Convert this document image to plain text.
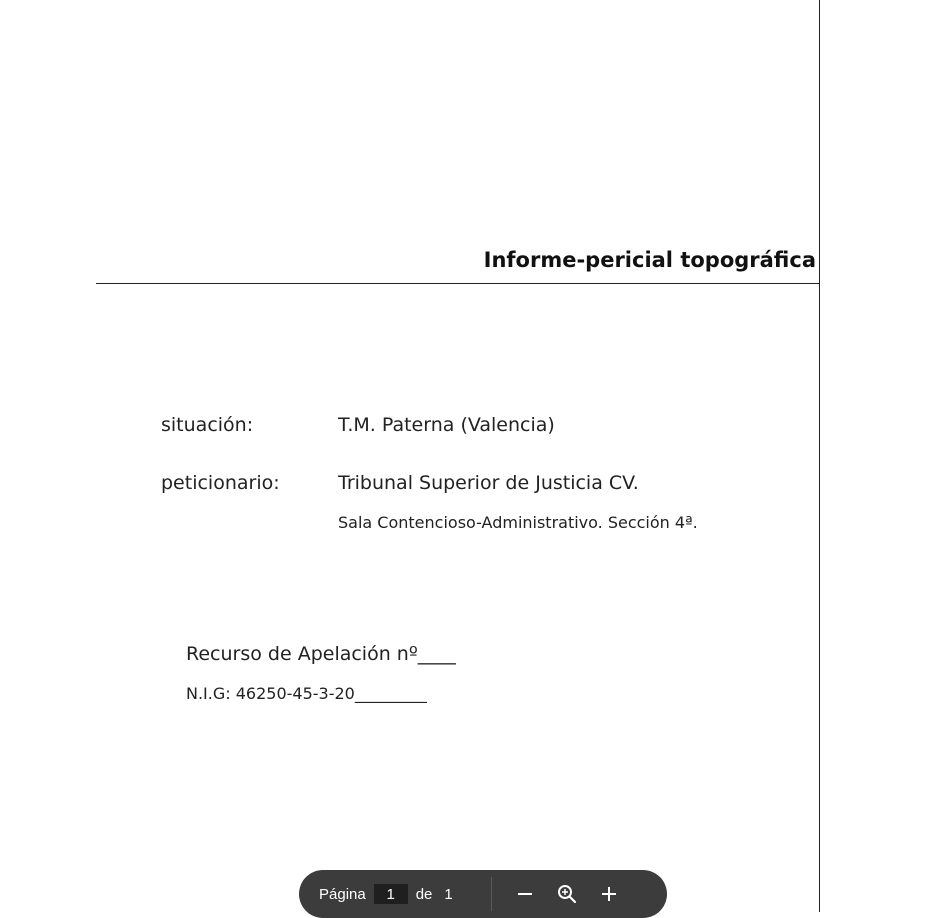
Informe-pericial topográfica
situación:	T.M. Paterna (Valencia)
peticionario:	Tribunal Superior de Justicia CV.
Sala Contencioso-Administrativo. Sección 4ª.
Recurso de Apelación nº____
N.I.G: 46250-45-3-20_________
Página
1	de 1
